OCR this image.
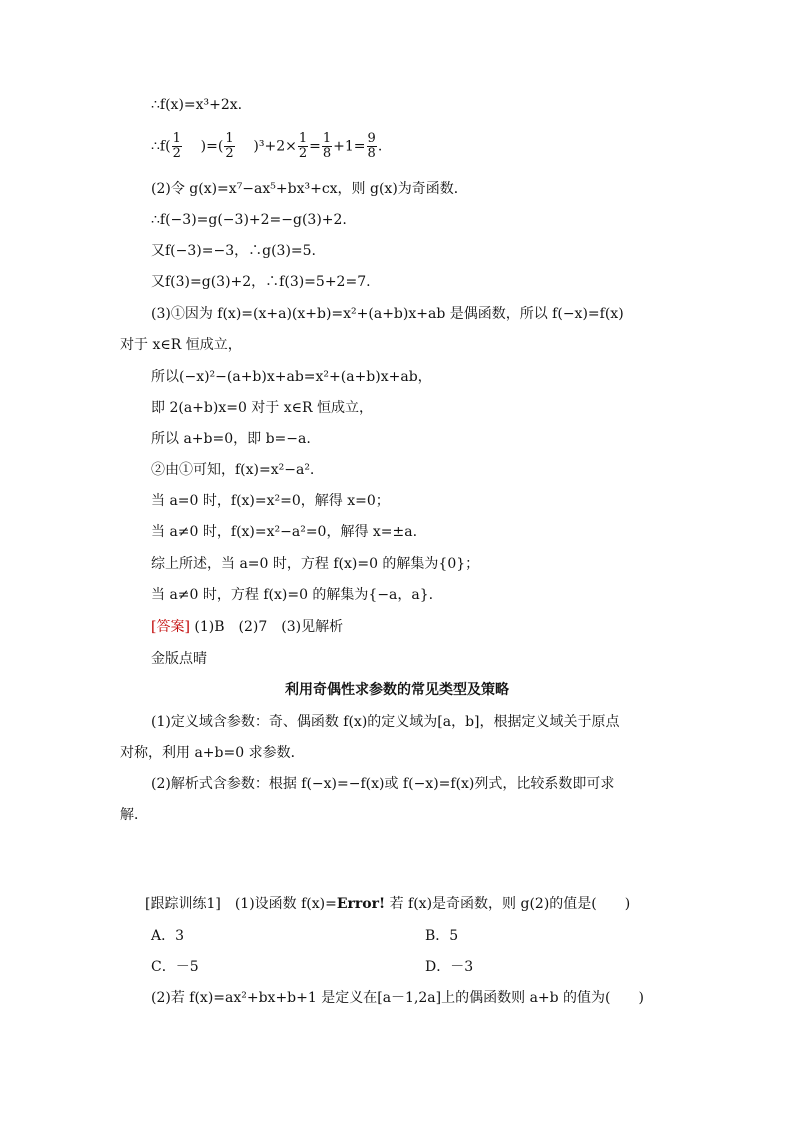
∴f(x)=x³+2x.
∴f( $\frac{1}{2}$ )=( $\frac{1}{2} )^3+2\times \frac{1}{2} = \frac{1}{8} +1= \frac{9}{8}$ .
(2)令 g(x)=x⁷−ax⁵+bx³+cx，则 g(x)为奇函数．
∴f(−3)=g(−3)+2=−g(3)+2.
又f(−3)=−3，∴g(3)=5.
又f(3)=g(3)+2，∴f(3)=5+2=7.
(3)①因为 f(x)=(x+a)(x+b)=x²+(a+b)x+ab 是偶函数，所以 f(−x)=f(x)
对于 x∈R 恒成立，
所以(−x)²−(a+b)x+ab=x²+(a+b)x+ab，
即 2(a+b)x=0 对于 x∈R 恒成立，
所以 a+b=0，即 b=−a.
②由①可知，f(x)=x²−a².
当 a=0 时，f(x)=x²=0，解得 x=0；
当 a≠0 时，f(x)=x²−a²=0，解得 x=±a.
综上所述，当 a=0 时，方程 f(x)=0 的解集为{0}；
当 a≠0 时，方程 f(x)=0 的解集为{−a，a}.
[答案] (1)B　(2)7　(3)见解析
金版点晴
利用奇偶性求参数的常见类型及策略
(1)定义域含参数：奇、偶函数 f(x)的定义域为[a，b]，根据定义域关于原点
对称，利用 a+b=0 求参数．
(2)解析式含参数：根据 f(−x)=−f(x)或 f(−x)=f(x)列式，比较系数即可求
解．
[跟踪训练1]　(1)设函数 f(x)=Error! 若 f(x)是奇函数，则 g(2)的值是(　　)
A．3	B．5
C．－5	D．－3
(2)若 f(x)=ax²+bx+b+1 是定义在[a－1,2a]上的偶函数则 a+b 的值为(　　)
